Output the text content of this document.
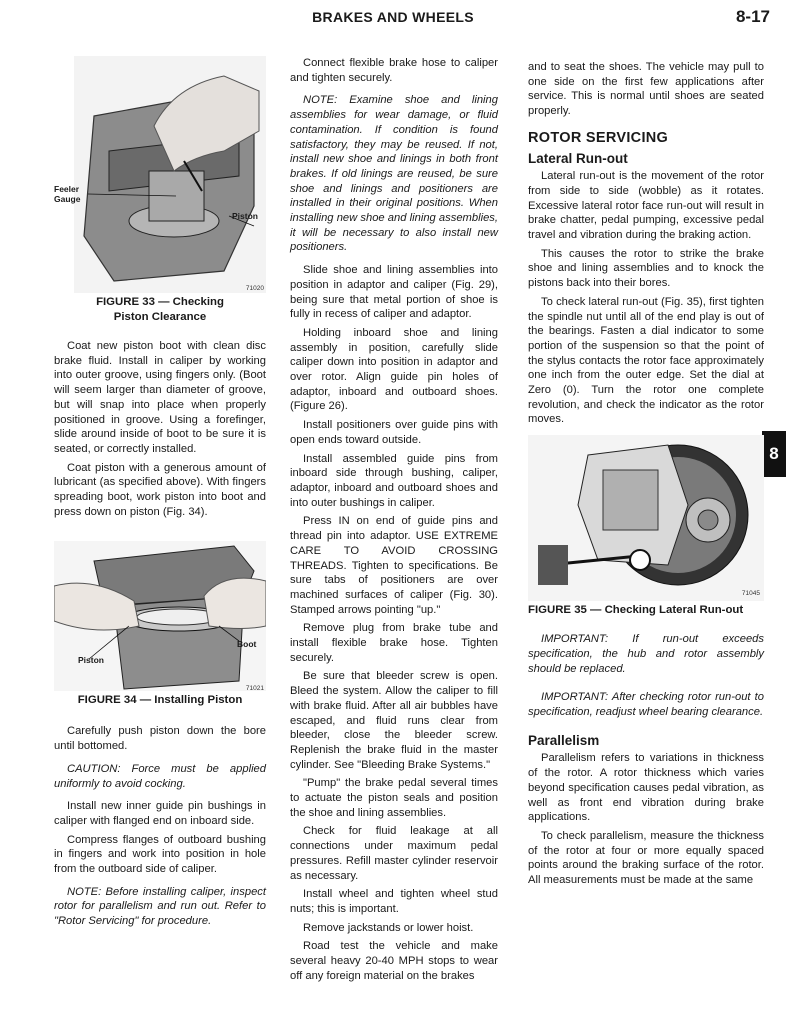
BRAKES AND WHEELS	8-17
8
Feeler
Gauge
Piston
71020
FIGURE 33 — Checking Piston Clearance

Coat new piston boot with clean disc brake fluid. Install in caliper by working into outer groove, using fingers only. (Boot will seem larger than diameter of groove, but will snap into place when properly positioned in groove. Using a forefinger, slide around inside of boot to be sure it is seated, or correctly installed.

Coat piston with a generous amount of lubricant (as specified above). With fingers spreading boot, work piston into boot and press down on piston (Fig. 34).

Piston
Boot
71021
FIGURE 34 — Installing Piston

Carefully push piston down the bore until bottomed.

CAUTION: Force must be applied uniformly to avoid cocking.

Install new inner guide pin bushings in caliper with flanged end on inboard side.

Compress flanges of outboard bushing in fingers and work into position in hole from the outboard side of caliper.

NOTE: Before installing caliper, inspect rotor for parallelism and run out. Refer to "Rotor Servicing" for procedure.

Connect flexible brake hose to caliper and tighten securely.

NOTE: Examine shoe and lining assemblies for wear damage, or fluid contamination. If condition is found satisfactory, they may be reused. If not, install new shoe and linings in both front brakes. If old linings are reused, be sure shoe and linings and positioners are installed in their original positions. When installing new shoe and lining assemblies, it will be necessary to also install new positioners.

Slide shoe and lining assemblies into position in adaptor and caliper (Fig. 29), being sure that metal portion of shoe is fully in recess of caliper and adaptor.

Holding inboard shoe and lining assembly in position, carefully slide caliper down into position in adaptor and over rotor. Align guide pin holes of adaptor, inboard and outboard shoes. (Figure 26).

Install positioners over guide pins with open ends toward outside.

Install assembled guide pins from inboard side through bushing, caliper, adaptor, inboard and outboard shoes and into outer bushings in caliper.

Press IN on end of guide pins and thread pin into adaptor. USE EXTREME CARE TO AVOID CROSSING THREADS. Tighten to specifications. Be sure tabs of positioners are over machined surfaces of caliper (Fig. 30). Stamped arrows pointing "up."

Remove plug from brake tube and install flexible brake hose. Tighten securely.

Be sure that bleeder screw is open. Bleed the system. Allow the caliper to fill with brake fluid. After all air bubbles have escaped, and fluid runs clear from bleeder, close the bleeder screw. Replenish the brake fluid in the master cylinder. See "Bleeding Brake Systems."

"Pump" the brake pedal several times to actuate the piston seals and position the shoe and lining assemblies.

Check for fluid leakage at all connections under maximum pedal pressures. Refill master cylinder reservoir as necessary.

Install wheel and tighten wheel stud nuts; this is important.

Remove jackstands or lower hoist.

Road test the vehicle and make several heavy 20-40 MPH stops to wear off any foreign material on the brakes

and to seat the shoes. The vehicle may pull to one side on the first few applications after service. This is normal until shoes are seated properly.

ROTOR SERVICING
Lateral Run-out

Lateral run-out is the movement of the rotor from side to side (wobble) as it rotates. Excessive lateral rotor face run-out will result in brake chatter, pedal pumping, excessive pedal travel and vibration during the braking action.

This causes the rotor to strike the brake shoe and lining assemblies and to knock the pistons back into their bores.

To check lateral run-out (Fig. 35), first tighten the spindle nut until all of the end play is out of the bearings. Fasten a dial indicator to some portion of the suspension so that the point of the stylus contacts the rotor face approximately one inch from the outer edge. Set the dial at Zero (0). Turn the rotor one complete revolution, and check the indicator as the rotor moves.

71045
FIGURE 35 — Checking Lateral Run-out

IMPORTANT: If run-out exceeds specification, the hub and rotor assembly should be replaced.

IMPORTANT: After checking rotor run-out to specification, readjust wheel bearing clearance.

Parallelism

Parallelism refers to variations in thickness of the rotor. A rotor thickness which varies beyond specification causes pedal vibration, as well as front end vibration during brake applications.

To check parallelism, measure the thickness of the rotor at four or more equally spaced points around the braking surface of the rotor. All measurements must be made at the same
